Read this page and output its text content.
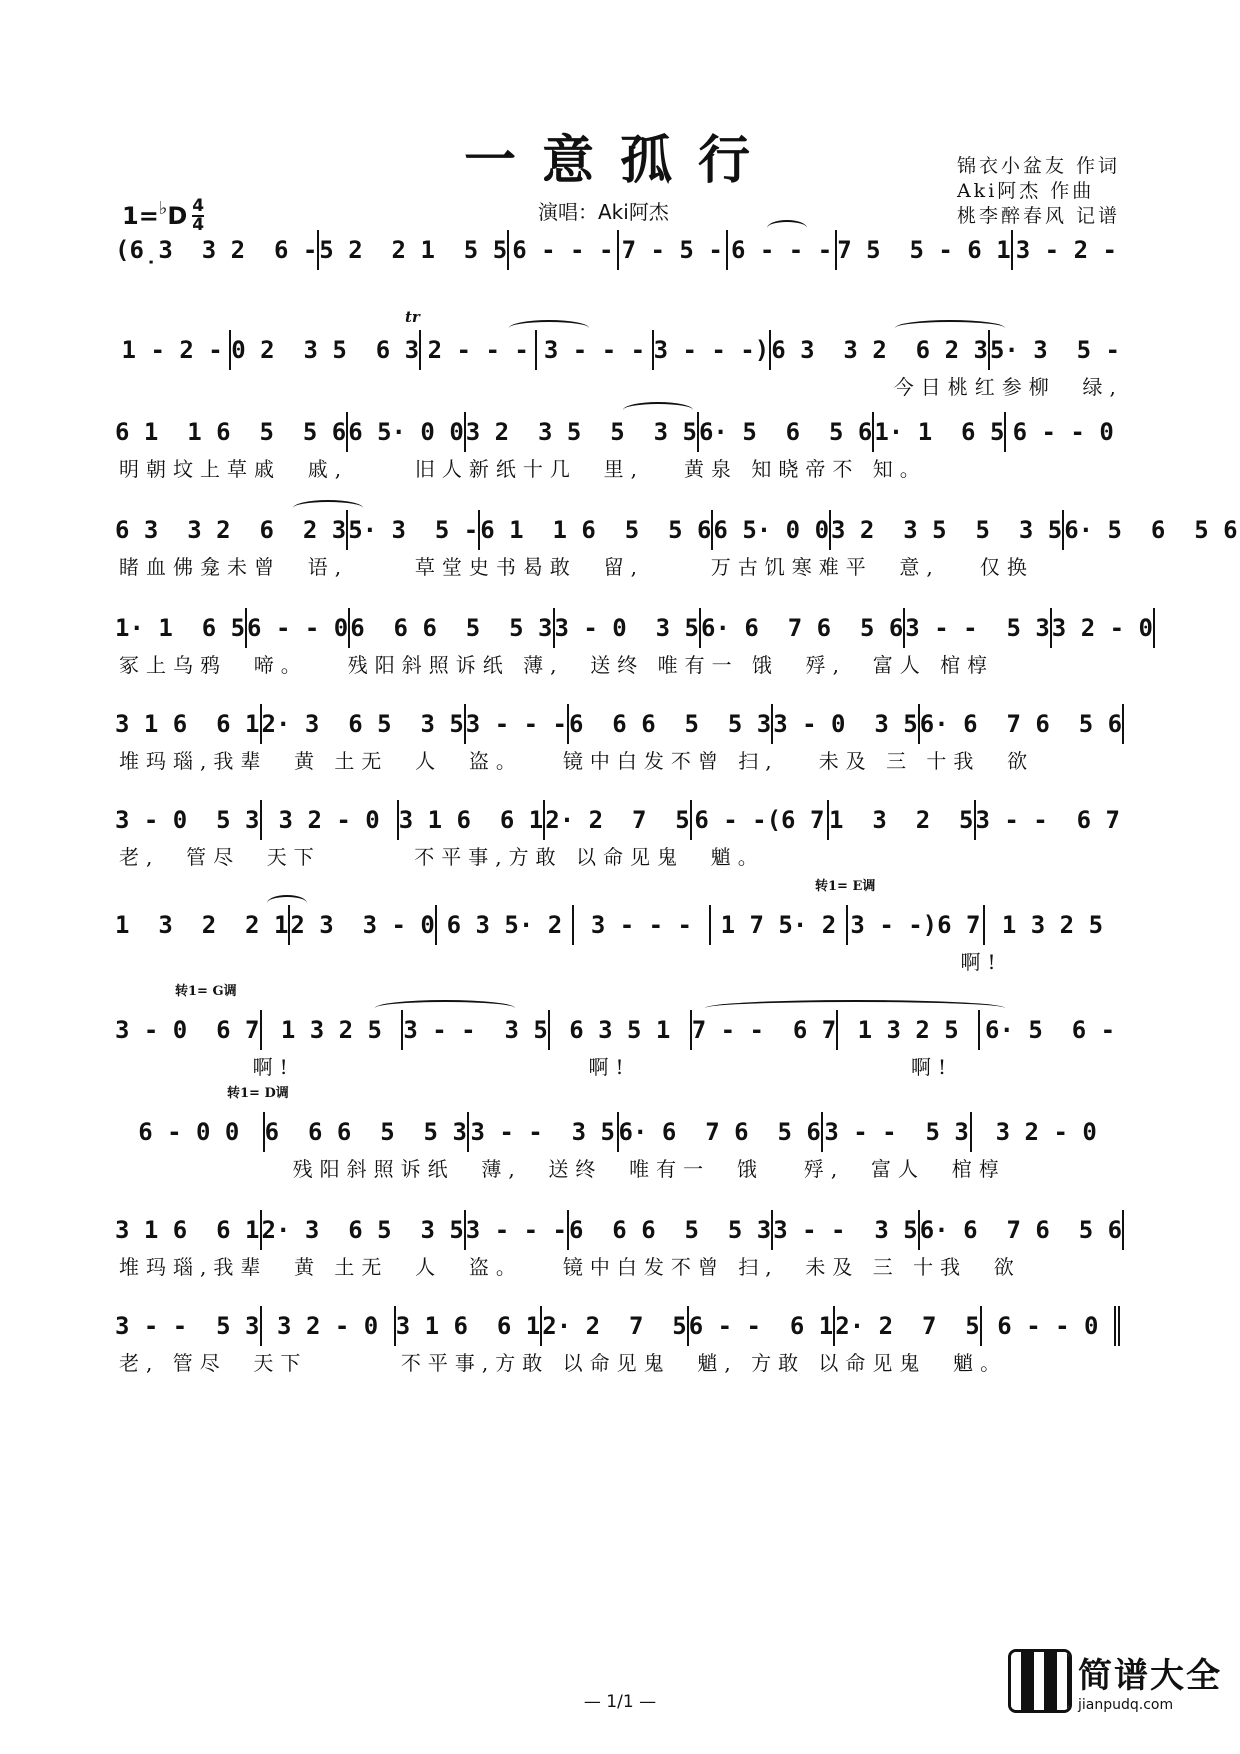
一意孤行	锦衣小盆友 作词
Aki阿杰 作曲
桃李醉春风 记谱
1= ♭ D $\frac{4}{4}$	演唱：Aki阿杰
(6̣3  3 2  6 - 5 2  2 1  5 5 6 - - - 7 - 5 - 6 - - - 7 5  5 - 6 1 3 - 2 -
1 - 2 - 0 2  3 5  6 3 2 - - - 3 - - - 3 - - -) 6 3  3 2  6 2 3 5· 3  5 -
tr
今日桃红参柳  绿,
6 1  1 6  5  5 6 6 5· 0 0 3 2  3 5  5  3 5 6· 5  6  5 6 1· 1  6 5 6 - - 0
明朝坟上草戚  戚,     旧人新纸十几  里,   黄泉 知晓帝不 知。
6 3  3 2  6  2 3 5· 3  5 - 6 1  1 6  5  5 6 6 5· 0 0 3 2  3 5  5  3 5 6· 5  6  5 6
睹血佛龛未曾  语,     草堂史书曷敢  留,     万古饥寒难平  意,   仅换
1· 1  6 5 6 - - 0 6  6 6  5  5 3 3 - 0  3 5 6· 6  7 6  5 6 3 - -  5 3 3 2 - 0
冢上乌鸦  啼。   残阳斜照诉纸 薄,  送终 唯有一 饿  殍,  富人 棺椁
3 1 6  6 1 2· 3  6 5  3 5 3 - - - 6  6 6  5  5 3 3 - 0  3 5 6· 6  7 6  5 6
堆玛瑙,我辈  黄 土无  人  盗。   镜中白发不曾 扫,   未及 三 十我  欲
3 - 0  5 3 3 2 - 0 3 1 6  6 1 2· 2  7  5 6 - -(6 7 1  3  2  5 3 - -  6 7
老,  管尽  天下       不平事,方敢 以命见鬼  魈。
1  3  2  2 1 2 3  3 - 0 6 3 5· 2	3 - - -	1 7 5· 2 3 - -)6 7 1 3 2 5
转1= E调
啊!
3 - 0  6 7 1 3 2 5 3 - -  3 5 6 3 5 1 7 - -  6 7 1 3 2 5	6· 5  6 -
转1= G调
啊!                      啊!                     啊!
6 - 0 0	6  6 6  5  5 3 3 - -  3 5 6· 6  7 6  5 6 3 - -  5 3	3 2 - 0
转1= D调
残阳斜照诉纸  薄,  送终  唯有一  饿   殍,  富人  棺椁
3 1 6  6 1 2· 3  6 5  3 5 3 - - - 6  6 6  5  5 3 3 - -  3 5 6· 6  7 6  5 6
堆玛瑙,我辈  黄 土无  人  盗。   镜中白发不曾 扫,  未及 三 十我  欲
3 - -  5 3 3 2 - 0 3 1 6  6 1 2· 2  7  5 6 - -  6 1 2· 2  7  5 6 - - 0
老, 管尽  天下       不平事,方敢 以命见鬼  魈, 方敢 以命见鬼  魈。
— 1/1 —
简谱大全
jianpudq.com
